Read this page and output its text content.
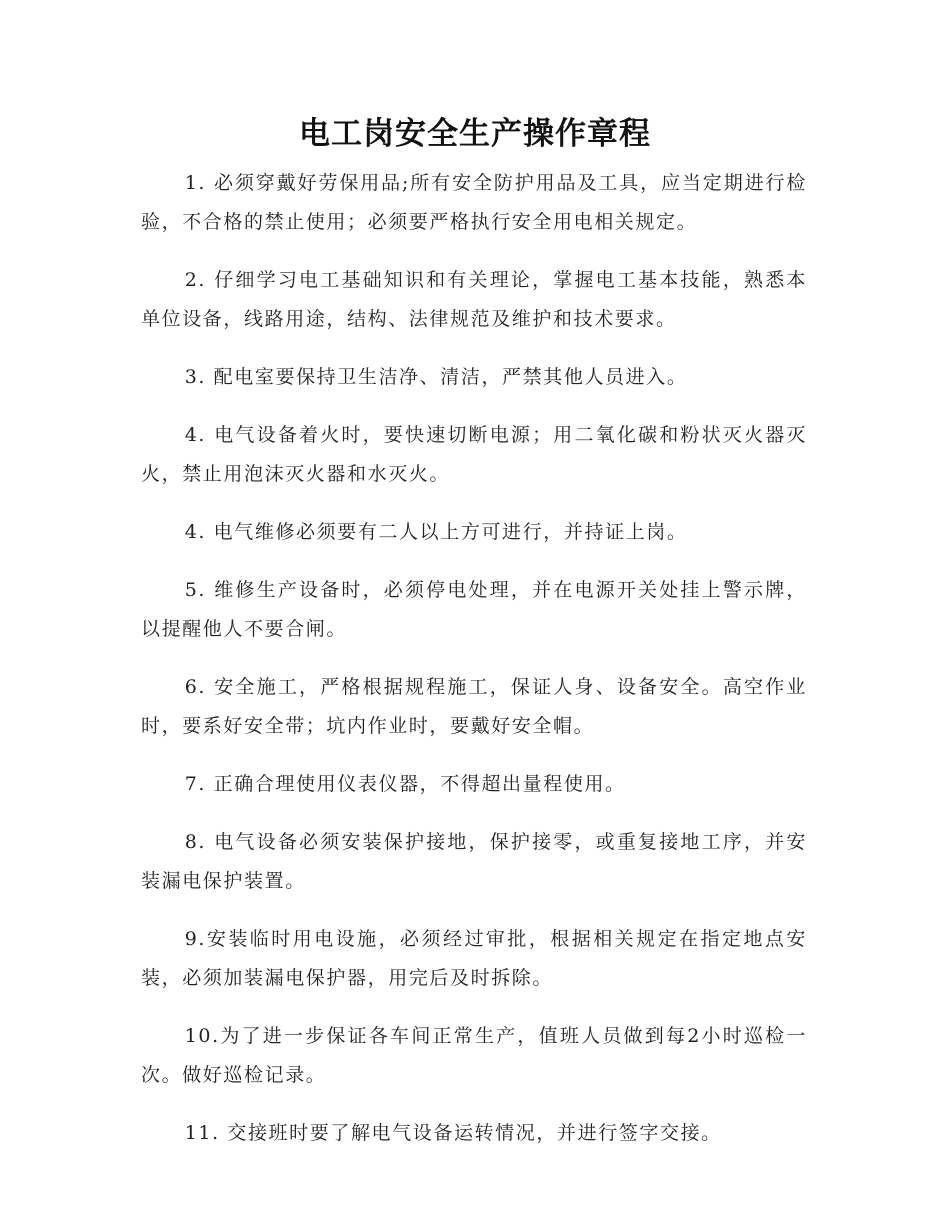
电工岗安全生产操作章程

1. 必须穿戴好劳保用品;所有安全防护用品及工具，应当定期进行检验，不合格的禁止使用；必须要严格执行安全用电相关规定。

2. 仔细学习电工基础知识和有关理论，掌握电工基本技能，熟悉本单位设备，线路用途，结构、法律规范及维护和技术要求。

3. 配电室要保持卫生洁净、清洁，严禁其他人员进入。

4. 电气设备着火时，要快速切断电源；用二氧化碳和粉状灭火器灭火，禁止用泡沫灭火器和水灭火。

4. 电气维修必须要有二人以上方可进行，并持证上岗。

5. 维修生产设备时，必须停电处理，并在电源开关处挂上警示牌，以提醒他人不要合闸。

6. 安全施工，严格根据规程施工，保证人身、设备安全。高空作业时，要系好安全带；坑内作业时，要戴好安全帽。

7. 正确合理使用仪表仪器，不得超出量程使用。

8. 电气设备必须安装保护接地，保护接零，或重复接地工序，并安装漏电保护装置。

9.安装临时用电设施，必须经过审批，根据相关规定在指定地点安装，必须加装漏电保护器，用完后及时拆除。

10.为了进一步保证各车间正常生产，值班人员做到每2小时巡检一次。做好巡检记录。

11. 交接班时要了解电气设备运转情况，并进行签字交接。
